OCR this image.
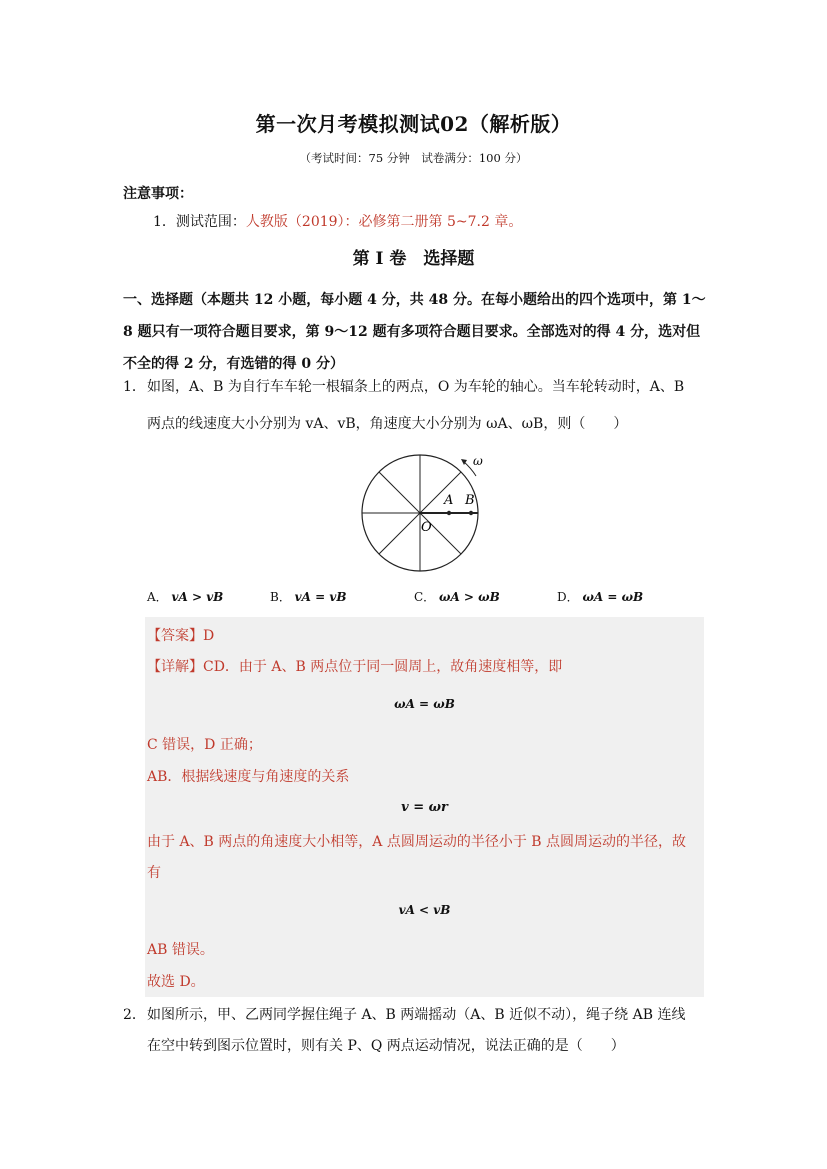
第一次月考模拟测试02（解析版）
（考试时间：75 分钟　试卷满分：100 分）
注意事项：
1．测试范围：人教版（2019）：必修第二册第 5~7.2 章。
第 I 卷　选择题
一、选择题（本题共 12 小题，每小题 4 分，共 48 分。在每小题给出的四个选项中，第 1～
8 题只有一项符合题目要求，第 9～12 题有多项符合题目要求。全部选对的得 4 分，选对但
不全的得 2 分，有选错的得 0 分）
1． 如图，A、B 为自行车车轮一根辐条上的两点，O 为车轮的轴心。当车轮转动时，A、B
两点的线速度大小分别为 vA、vB，角速度大小分别为 ωA、ωB，则（　　）
A B
O
ω
A． vA > vB	B． vA = vB	C． ωA > ωB	D． ωA = ωB
【答案】D
【详解】CD．由于 A、B 两点位于同一圆周上，故角速度相等，即
ωA = ωB
C 错误，D 正确；
AB．根据线速度与角速度的关系
v = ωr
由于 A、B 两点的角速度大小相等，A 点圆周运动的半径小于 B 点圆周运动的半径，故
有
vA < vB
AB 错误。
故选 D。
2． 如图所示，甲、乙两同学握住绳子 A、B 两端摇动（A、B 近似不动），绳子绕 AB 连线
在空中转到图示位置时，则有关 P、Q 两点运动情况，说法正确的是（　　）
